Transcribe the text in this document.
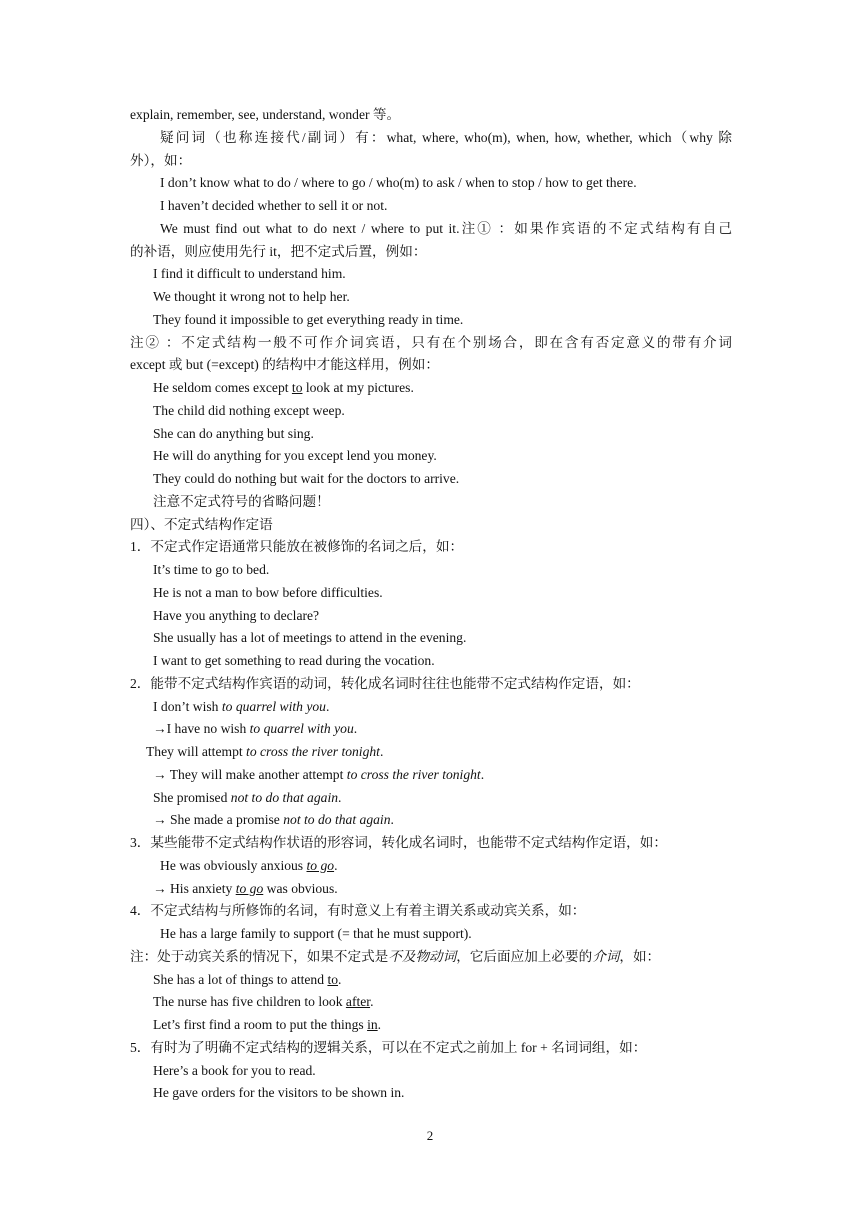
explain, remember, see, understand, wonder 等。
疑问词（也称连接代/副词）有：what, where, who(m), when, how, whether, which（why 除
外），如：
I don’t know what to do / where to go / who(m) to ask / when to stop / how to get there.
I haven’t decided whether to sell it or not.
We must find out what to do next / where to put it.注① ：如果作宾语的不定式结构有自己
的补语，则应使用先行 it，把不定式后置，例如：
I find it difficult to understand him.
We thought it wrong not to help her.
They found it impossible to get everything ready in time.
注② ：不定式结构一般不可作介词宾语，只有在个别场合，即在含有否定意义的带有介词
except 或 but (=except) 的结构中才能这样用，例如：
He seldom comes except to look at my pictures.
The child did nothing except weep.
She can do anything but sing.
He will do anything for you except lend you money.
They could do nothing but wait for the doctors to arrive.
注意不定式符号的省略问题！
四）、不定式结构作定语
1．不定式作定语通常只能放在被修饰的名词之后，如：
It’s time to go to bed.
He is not a man to bow before difficulties.
Have you anything to declare?
She usually has a lot of meetings to attend in the evening.
I want to get something to read during the vocation.
2．能带不定式结构作宾语的动词，转化成名词时往往也能带不定式结构作定语，如：
I don’t wish to quarrel with you.
→I have no wish to quarrel with you.
They will attempt to cross the river tonight.
→ They will make another attempt to cross the river tonight.
She promised not to do that again.
→ She made a promise not to do that again.
3．某些能带不定式结构作状语的形容词，转化成名词时，也能带不定式结构作定语，如：
He was obviously anxious to go.
→ His anxiety to go was obvious.
4．不定式结构与所修饰的名词，有时意义上有着主谓关系或动宾关系，如：
He has a large family to support (= that he must support).
注：处于动宾关系的情况下，如果不定式是不及物动词，它后面应加上必要的介词，如：
She has a lot of things to attend to.
The nurse has five children to look after.
Let’s first find a room to put the things in.
5．有时为了明确不定式结构的逻辑关系，可以在不定式之前加上 for + 名词词组，如：
Here’s a book for you to read.
He gave orders for the visitors to be shown in.
2
